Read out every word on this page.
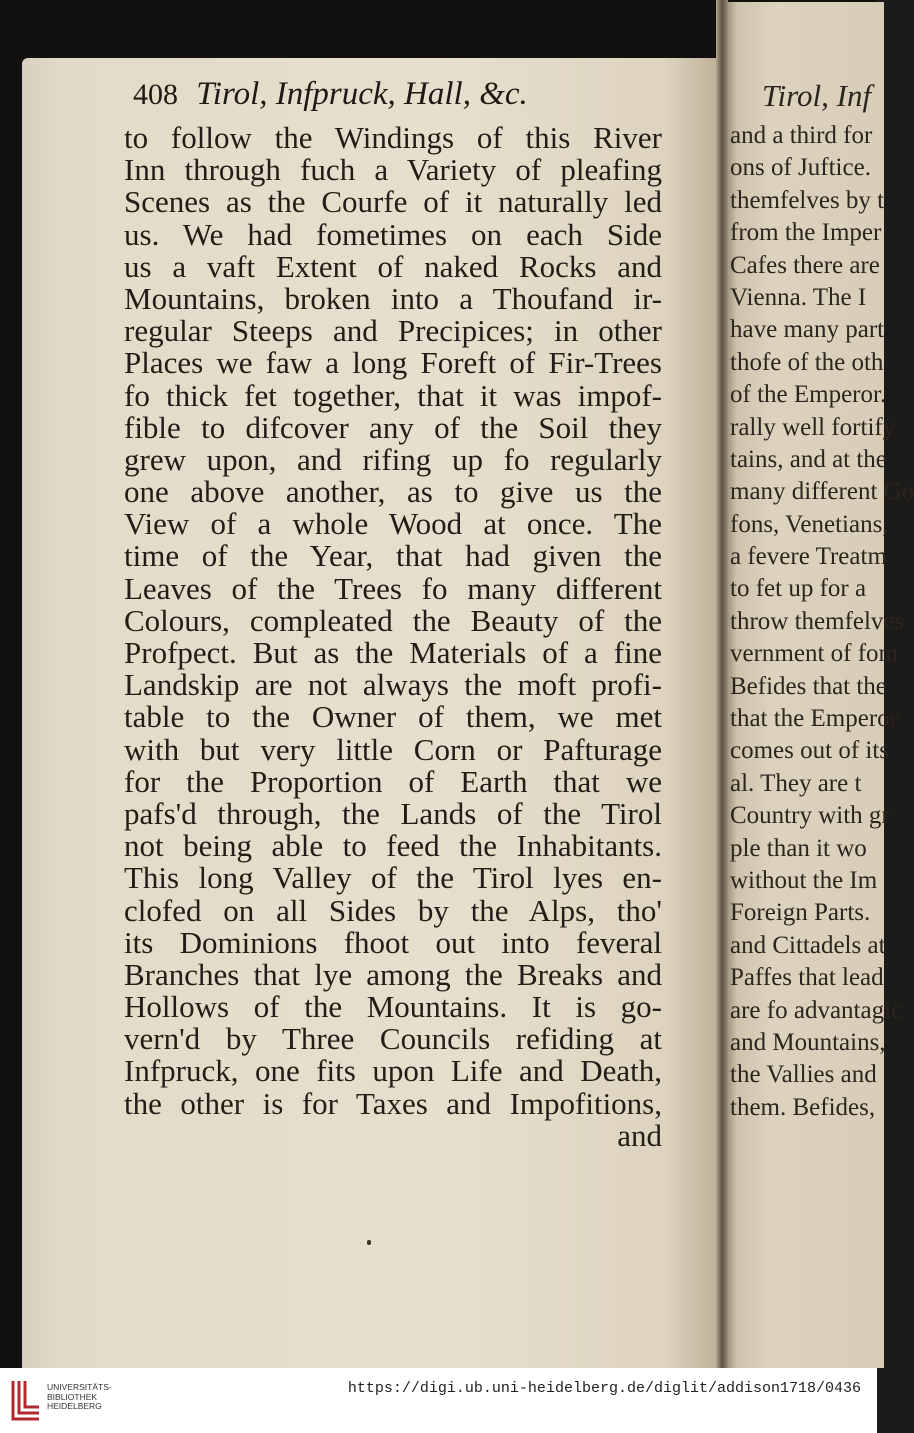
408 Tirol, Infpruck, Hall, &c.
to follow the Windings of this River
Inn through fuch a Variety of pleafing
Scenes as the Courfe of it naturally led
us. We had fometimes on each Side
us a vaft Extent of naked Rocks and
Mountains, broken into a Thoufand ir-
regular Steeps and Precipices; in other
Places we faw a long Foreft of Fir-Trees
fo thick fet together, that it was impof-
fible to difcover any of the Soil they
grew upon, and rifing up fo regularly
one above another, as to give us the
View of a whole Wood at once. The
time of the Year, that had given the
Leaves of the Trees fo many different
Colours, compleated the Beauty of the
Profpect. But as the Materials of a fine
Landskip are not always the moft profi-
table to the Owner of them, we met
with but very little Corn or Pafturage
for the Proportion of Earth that we
pafs'd through, the Lands of the Tirol
not being able to feed the Inhabitants.
This long Valley of the Tirol lyes en-
clofed on all Sides by the Alps, tho'
its Dominions fhoot out into feveral
Branches that lye among the Breaks and
Hollows of the Mountains. It is go-
vern'd by Three Councils refiding at
Infpruck, one fits upon Life and Death,
the other is for Taxes and Impofitions,
and
Tirol, Inf
and a third for
ons of Juftice.
themfelves by t
from the Imper
Cafes there are
Vienna. The I
have many part
thofe of the oth
of the Emperor.
rally well fortify
tains, and at the
many different Go
fons, Venetians,
a fevere Treatm
to fet up for a
throw themfelves
vernment of fom
Befides that the
that the Emperor
comes out of its
al. They are t
Country with gr
ple than it wo
without the Im
Foreign Parts.
and Cittadels at
Paffes that lead
are fo advantagic
and Mountains,
the Vallies and
them. Befides,
UNIVERSITÄTS-
BIBLIOTHEK
HEIDELBERG
https://digi.ub.uni-heidelberg.de/diglit/addison1718/0436
